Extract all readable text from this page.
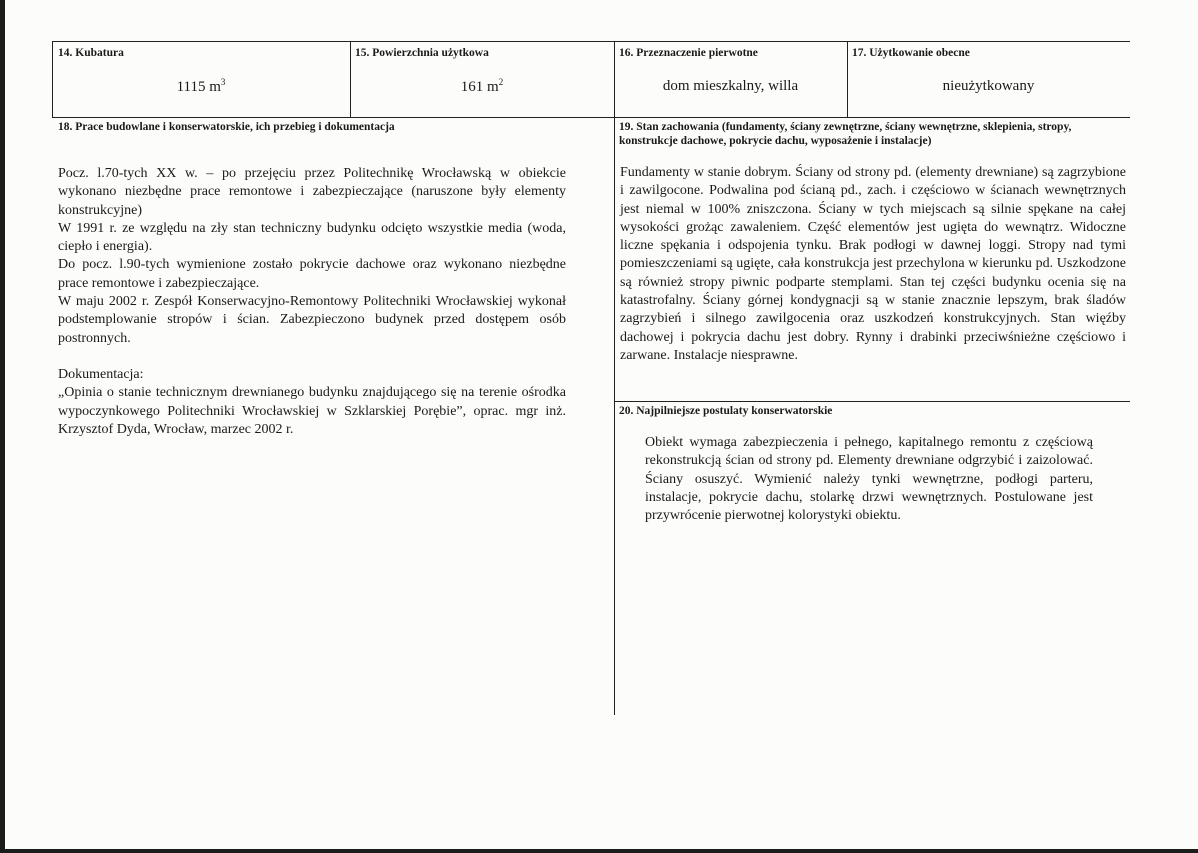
14. Kubatura
1115 $m^3$
15. Powierzchnia użytkowa
161 $m^2$
16. Przeznaczenie pierwotne
dom mieszkalny, willa
17. Użytkowanie obecne
nieużytkowany
18. Prace budowlane i konserwatorskie, ich przebieg i dokumentacja

Pocz. l.70-tych XX w. – po przejęciu przez Politechnikę Wrocławską w obiekcie wykonano niezbędne prace remontowe i zabezpieczające (naruszone były elementy konstrukcyjne)

W 1991 r. ze względu na zły stan techniczny budynku odcięto wszystkie media (woda, ciepło i energia).

Do pocz. l.90-tych wymienione zostało pokrycie dachowe oraz wykonano niezbędne prace remontowe i zabezpieczające.

W maju 2002 r. Zespół Konserwacyjno-Remontowy Politechniki Wrocławskiej wykonał podstemplowanie stropów i ścian. Zabezpieczono budynek przed dostępem osób postronnych.

Dokumentacja:

„Opinia o stanie technicznym drewnianego budynku znajdującego się na terenie ośrodka wypoczynkowego Politechniki Wrocławskiej w Szklarskiej Porębie”, oprac. mgr inż. Krzysztof Dyda, Wrocław, marzec 2002 r.

19. Stan zachowania (fundamenty, ściany zewnętrzne, ściany wewnętrzne, sklepienia, stropy, konstrukcje dachowe, pokrycie dachu, wyposażenie i instalacje)
Fundamenty w stanie dobrym. Ściany od strony pd. (elementy drewniane) są zagrzybione i zawilgocone. Podwalina pod ścianą pd., zach. i częściowo w ścianach wewnętrznych jest niemal w 100% zniszczona. Ściany w tych miejscach są silnie spękane na całej wysokości grożąc zawaleniem. Część elementów jest ugięta do wewnątrz. Widoczne liczne spękania i odspojenia tynku. Brak podłogi w dawnej loggi. Stropy nad tymi pomieszczeniami są ugięte, cała konstrukcja jest przechylona w kierunku pd. Uszkodzone są również stropy piwnic podparte stemplami. Stan tej części budynku ocenia się na katastrofalny. Ściany górnej kondygnacji są w stanie znacznie lepszym, brak śladów zagrzybień i silnego zawilgocenia oraz uszkodzeń konstrukcyjnych. Stan więźby dachowej i pokrycia dachu jest dobry. Rynny i drabinki przeciwśnieżne częściowo i zarwane. Instalacje niesprawne.
20. Najpilniejsze postulaty konserwatorskie
Obiekt wymaga zabezpieczenia i pełnego, kapitalnego remontu z częściową rekonstrukcją ścian od strony pd. Elementy drewniane odgrzybić i zaizolować. Ściany osuszyć. Wymienić należy tynki wewnętrzne, podłogi parteru, instalacje, pokrycie dachu, stolarkę drzwi wewnętrznych. Postulowane jest przywrócenie pierwotnej kolorystyki obiektu.
